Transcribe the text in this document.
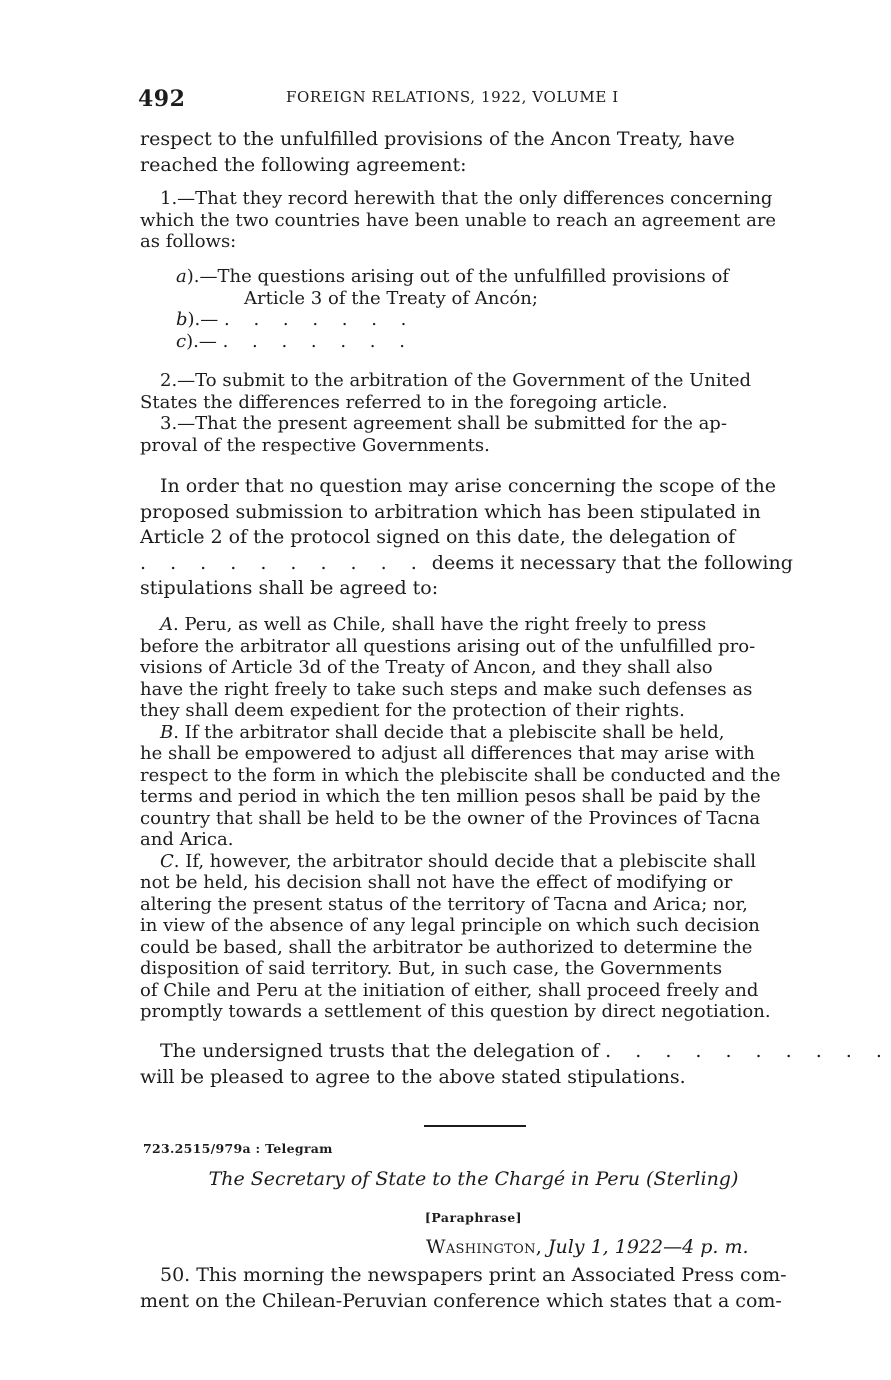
492	FOREIGN RELATIONS, 1922, VOLUME I
respect to the unfulfilled provisions of the Ancon Treaty, have
reached the following agreement:
1.—That they record herewith that the only differences concerning
which the two countries have been unable to reach an agreement are
as follows:
a).—The questions arising out of the unfulfilled provisions of
Article 3 of the Treaty of Ancón;
b).— . . . . . . .
c).— . . . . . . .
2.—To submit to the arbitration of the Government of the United
States the differences referred to in the foregoing article.
3.—That the present agreement shall be submitted for the ap-
proval of the respective Governments.
In order that no question may arise concerning the scope of the
proposed submission to arbitration which has been stipulated in
Article 2 of the protocol signed on this date, the delegation of
. . . . . . . . . . deems it necessary that the following
stipulations shall be agreed to:
A. Peru, as well as Chile, shall have the right freely to press
before the arbitrator all questions arising out of the unfulfilled pro-
visions of Article 3d of the Treaty of Ancon, and they shall also
have the right freely to take such steps and make such defenses as
they shall deem expedient for the protection of their rights.
B. If the arbitrator shall decide that a plebiscite shall be held,
he shall be empowered to adjust all differences that may arise with
respect to the form in which the plebiscite shall be conducted and the
terms and period in which the ten million pesos shall be paid by the
country that shall be held to be the owner of the Provinces of Tacna
and Arica.
C. If, however, the arbitrator should decide that a plebiscite shall
not be held, his decision shall not have the effect of modifying or
altering the present status of the territory of Tacna and Arica; nor,
in view of the absence of any legal principle on which such decision
could be based, shall the arbitrator be authorized to determine the
disposition of said territory. But, in such case, the Governments
of Chile and Peru at the initiation of either, shall proceed freely and
promptly towards a settlement of this question by direct negotiation.
The undersigned trusts that the delegation of . . . . . . . . . .
will be pleased to agree to the above stated stipulations.
723.2515/979a : Telegram
The Secretary of State to the Chargé in Peru (Sterling)
[Paraphrase]
Washington, July 1, 1922—4 p. m.
50. This morning the newspapers print an Associated Press com-
ment on the Chilean-Peruvian conference which states that a com-
